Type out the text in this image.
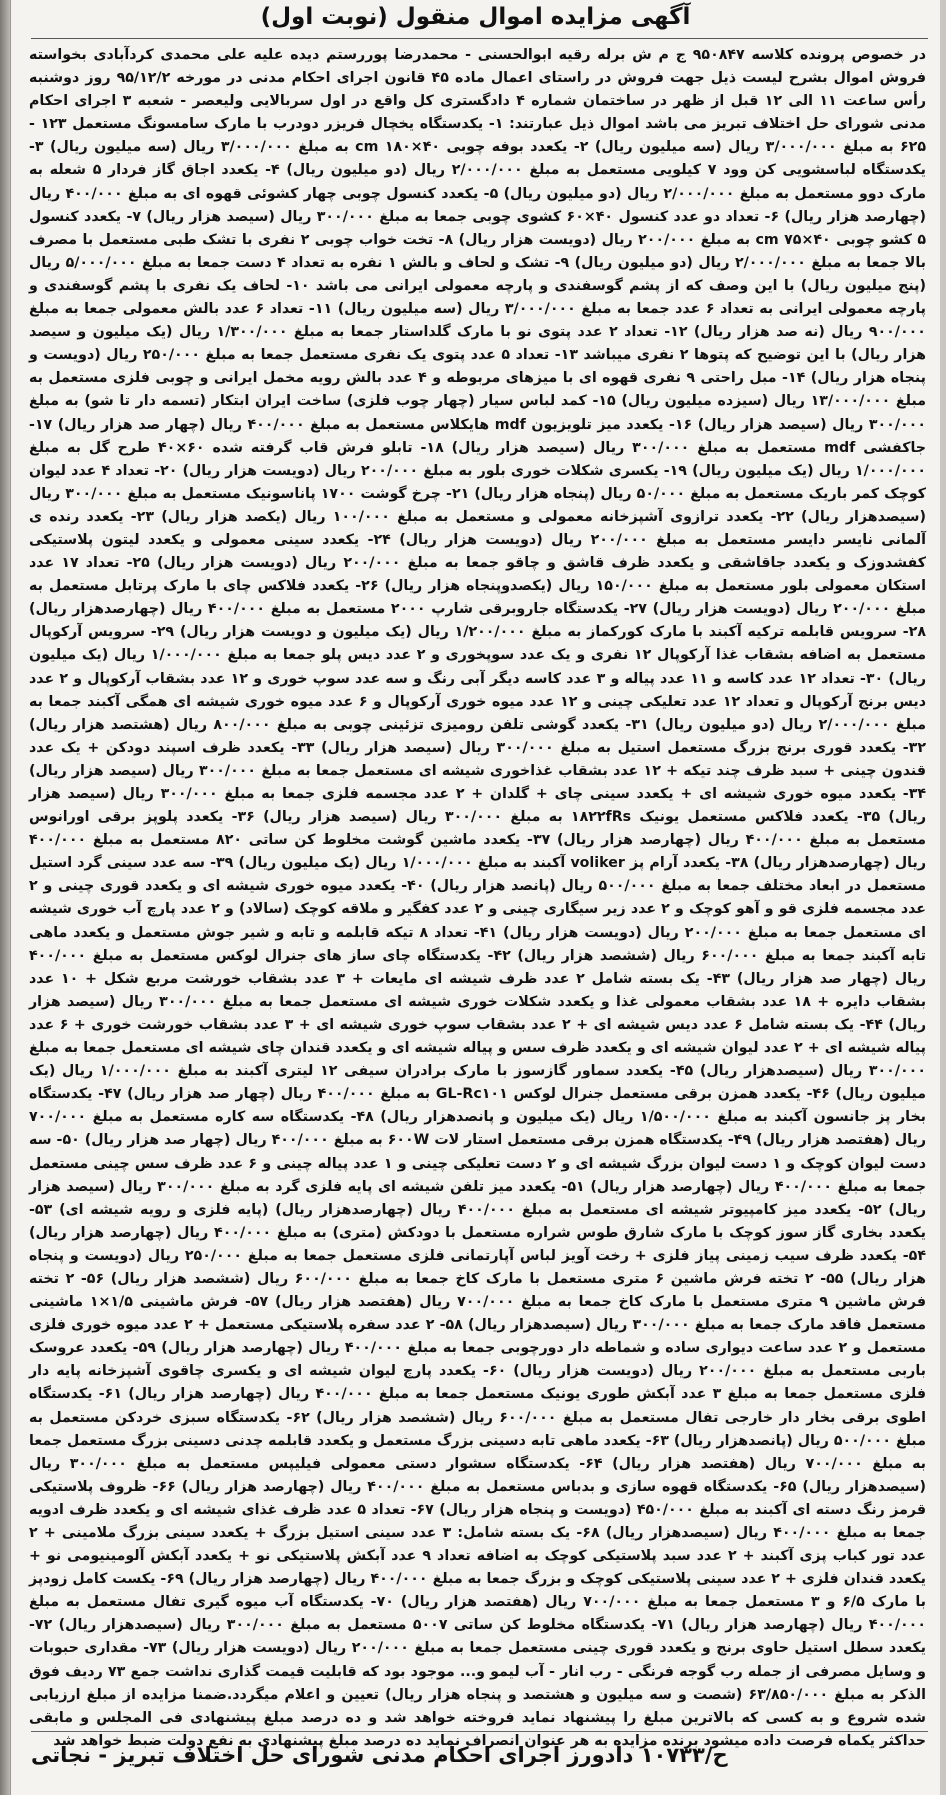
آگهی مزایده اموال منقول (نوبت اول)
در خصوص پرونده کلاسه ۹۵۰۸۴۷ ج م ش برله رقیه ابوالحسنی - محمدرضا پوررستم دیده علیه علی محمدی کردآبادی بخواسته فروش اموال بشرح لیست ذیل جهت فروش در راستای اعمال ماده ۴۵ قانون اجرای احکام مدنی در مورخه ۹۵/۱۲/۲ روز دوشنبه رأس ساعت ۱۱ الی ۱۲ قبل از ظهر در ساختمان شماره ۴ دادگستری کل واقع در اول سربالایی ولیعصر - شعبه ۳ اجرای احکام مدنی شورای حل اختلاف تبریز می باشد اموال ذیل عبارتند: ۱- یکدستگاه یخچال فریزر دودرب با مارک سامسونگ مستعمل ۱۲۳ - ۶۲۵ به مبلغ ۳/۰۰۰/۰۰۰ ریال (سه میلیون ریال) ۲- یکعدد بوفه چوبی cm ۱۸۰×۴۰ به مبلغ ۳/۰۰۰/۰۰۰ ریال (سه میلیون ریال) ۳- یکدستگاه لباسشویی کن وود ۷ کیلویی مستعمل به مبلغ ۲/۰۰۰/۰۰۰ ریال (دو میلیون ریال) ۴- یکعدد اجاق گاز فردار ۵ شعله به مارک دوو مستعمل به مبلغ ۲/۰۰۰/۰۰۰ ریال (دو میلیون ریال) ۵- یکعدد کنسول چوبی چهار کشوئی قهوه ای به مبلغ ۴۰۰/۰۰۰ ریال (چهارصد هزار ریال) ۶- تعداد دو عدد کنسول ۴۰×۶۰ کشوی چوبی جمعا به مبلغ ۳۰۰/۰۰۰ ریال (سیصد هزار ریال) ۷- یکعدد کنسول ۵ کشو چوبی cm ۷۵×۴۰ به مبلغ ۲۰۰/۰۰۰ ریال (دویست هزار ریال) ۸- تخت خواب چوبی ۲ نفری با تشک طبی مستعمل با مصرف بالا جمعا به مبلغ ۲/۰۰۰/۰۰۰ ریال (دو میلیون ریال) ۹- تشک و لحاف و بالش ۱ نفره به تعداد ۴ دست جمعا به مبلغ ۵/۰۰۰/۰۰۰ ریال (پنج میلیون ریال) با این وصف که از پشم گوسفندی و پارچه معمولی ایرانی می باشد ۱۰- لحاف یک نفری با پشم گوسفندی و پارچه معمولی ایرانی به تعداد ۶ عدد جمعا به مبلغ ۳/۰۰۰/۰۰۰ ریال (سه میلیون ریال) ۱۱- تعداد ۶ عدد بالش معمولی جمعا به مبلغ ۹۰۰/۰۰۰ ریال (نه صد هزار ریال) ۱۲- تعداد ۲ عدد پتوی نو با مارک گلداستار جمعا به مبلغ ۱/۳۰۰/۰۰۰ ریال (یک میلیون و سیصد هزار ریال) با این توضیح که پتوها ۲ نفری میباشد ۱۳- تعداد ۵ عدد پتوی یک نفری مستعمل جمعا به مبلغ ۲۵۰/۰۰۰ ریال (دویست و پنجاه هزار ریال) ۱۴- مبل راحتی ۹ نفری قهوه ای با میزهای مربوطه و ۴ عدد بالش رویه مخمل ایرانی و چوبی فلزی مستعمل به مبلغ ۱۳/۰۰۰/۰۰۰ ریال (سیزده میلیون ریال) ۱۵- کمد لباس سیار (چهار چوب فلزی) ساخت ایران ابتکار (تسمه دار تا شو) به مبلغ ۳۰۰/۰۰۰ ریال (سیصد هزار ریال) ۱۶- یکعدد میز تلویزیون mdf هایکلاس مستعمل به مبلغ ۴۰۰/۰۰۰ ریال (چهار صد هزار ریال) ۱۷- جاکفشی mdf مستعمل به مبلغ ۳۰۰/۰۰۰ ریال (سیصد هزار ریال) ۱۸- تابلو فرش قاب گرفته شده ۶۰×۴۰ طرح گل به مبلغ ۱/۰۰۰/۰۰۰ ریال (یک میلیون ریال) ۱۹- یکسری شکلات خوری بلور به مبلغ ۲۰۰/۰۰۰ ریال (دویست هزار ریال) ۲۰- تعداد ۴ عدد لیوان کوچک کمر باریک مستعمل به مبلغ ۵۰/۰۰۰ ریال (پنجاه هزار ریال) ۲۱- چرخ گوشت ۱۷۰۰ پاناسونیک مستعمل به مبلغ ۳۰۰/۰۰۰ ریال (سیصدهزار ریال) ۲۲- یکعدد ترازوی آشپزخانه معمولی و مستعمل به مبلغ ۱۰۰/۰۰۰ ریال (یکصد هزار ریال) ۲۳- یکعدد رنده ی آلمانی نایسر دایسر مستعمل به مبلغ ۲۰۰/۰۰۰ ریال (دویست هزار ریال) ۲۴- یکعدد سینی معمولی و یکعدد لیتون پلاستیکی کفشدوزک و یکعدد جاقاشقی و یکعدد ظرف قاشق و چاقو جمعا به مبلغ ۲۰۰/۰۰۰ ریال (دویست هزار ریال) ۲۵- تعداد ۱۷ عدد استکان معمولی بلور مستعمل به مبلغ ۱۵۰/۰۰۰ ریال (یکصدوپنجاه هزار ریال) ۲۶- یکعدد فلاکس چای با مارک پرتابل مستعمل به مبلغ ۲۰۰/۰۰۰ ریال (دویست هزار ریال) ۲۷- یکدستگاه جاروبرقی شارپ ۲۰۰۰ مستعمل به مبلغ ۴۰۰/۰۰۰ ریال (چهارصدهزار ریال) ۲۸- سرویس قابلمه ترکیه آکبند با مارک کورکماز به مبلغ ۱/۲۰۰/۰۰۰ ریال (یک میلیون و دویست هزار ریال) ۲۹- سرویس آرکوپال مستعمل به اضافه بشقاب غذا آرکوپال ۱۲ نفری و یک عدد سوپخوری و ۲ عدد دیس پلو جمعا به مبلغ ۱/۰۰۰/۰۰۰ ریال (یک میلیون ریال) ۳۰- تعداد ۱۲ عدد کاسه و ۱۱ عدد پیاله و ۳ عدد کاسه دیگر آبی رنگ و سه عدد سوپ خوری و ۱۲ عدد بشقاب آرکوپال و ۲ عدد دیس برنج آرکوپال و تعداد ۱۲ عدد تعلیکی چینی و ۱۲ عدد میوه خوری آرکوپال و ۶ عدد میوه خوری شیشه ای همگی آکبند جمعا به مبلغ ۲/۰۰۰/۰۰۰ ریال (دو میلیون ریال) ۳۱- یکعدد گوشی تلفن رومیزی تزئینی چوبی به مبلغ ۸۰۰/۰۰۰ ریال (هشتصد هزار ریال) ۳۲- یکعدد قوری برنج بزرگ مستعمل استیل به مبلغ ۳۰۰/۰۰۰ ریال (سیصد هزار ریال) ۳۳- یکعدد ظرف اسپند دودکن + یک عدد قندون چینی + سبد ظرف چند تیکه + ۱۲ عدد بشقاب غذاخوری شیشه ای مستعمل جمعا به مبلغ ۳۰۰/۰۰۰ ریال (سیصد هزار ریال) ۳۴- یکعدد میوه خوری شیشه ای + یکعدد سینی چای + گلدان + ۲ عدد مجسمه فلزی جمعا به مبلغ ۳۰۰/۰۰۰ ریال (سیصد هزار ریال) ۳۵- یکعدد فلاکس مستعمل یونیک ۱۸۲۲fRs به مبلغ ۳۰۰/۰۰۰ ریال (سیصد هزار ریال) ۳۶- یکعدد پلوپز برقی اورانوس مستعمل به مبلغ ۴۰۰/۰۰۰ ریال (چهارصد هزار ریال) ۳۷- یکعدد ماشین گوشت مخلوط کن ساتی ۸۲۰ مستعمل به مبلغ ۴۰۰/۰۰۰ ریال (چهارصدهزار ریال) ۳۸- یکعدد آرام پز voliker آکبند به مبلغ ۱/۰۰۰/۰۰۰ ریال (یک میلیون ریال) ۳۹- سه عدد سینی گرد استیل مستعمل در ابعاد مختلف جمعا به مبلغ ۵۰۰/۰۰۰ ریال (پانصد هزار ریال) ۴۰- یکعدد میوه خوری شیشه ای و یکعدد قوری چینی و ۲ عدد مجسمه فلزی قو و آهو کوچک و ۲ عدد زیر سیگاری چینی و ۲ عدد کفگیر و ملاقه کوچک (سالاد) و ۲ عدد پارچ آب خوری شیشه ای مستعمل جمعا به مبلغ ۲۰۰/۰۰۰ ریال (دویست هزار ریال) ۴۱- تعداد ۸ تیکه قابلمه و تابه و شیر جوش مستعمل و یکعدد ماهی تابه آکبند جمعا به مبلغ ۶۰۰/۰۰۰ ریال (ششصد هزار ریال) ۴۲- یکدستگاه چای ساز های جنرال لوکس مستعمل به مبلغ ۴۰۰/۰۰۰ ریال (چهار صد هزار ریال) ۴۳- یک بسته شامل ۲ عدد ظرف شیشه ای مایعات + ۳ عدد بشقاب خورشت مربع شکل + ۱۰ عدد بشقاب دایره + ۱۸ عدد بشقاب معمولی غذا و یکعدد شکلات خوری شیشه ای مستعمل جمعا به مبلغ ۳۰۰/۰۰۰ ریال (سیصد هزار ریال) ۴۴- یک بسته شامل ۶ عدد دیس شیشه ای + ۲ عدد بشقاب سوپ خوری شیشه ای + ۳ عدد بشقاب خورشت خوری + ۶ عدد پیاله شیشه ای + ۲ عدد لیوان شیشه ای و یکعدد ظرف سس و پیاله شیشه ای و یکعدد قندان چای شیشه ای مستعمل جمعا به مبلغ ۳۰۰/۰۰۰ ریال (سیصدهزار ریال) ۴۵- یکعدد سماور گازسوز با مارک برادران سیفی ۱۲ لیتری آکبند به مبلغ ۱/۰۰۰/۰۰۰ ریال (یک میلیون ریال) ۴۶- یکعدد همزن برقی مستعمل جنرال لوکس GL-Rc۱۰۱ به مبلغ ۴۰۰/۰۰۰ ریال (چهار صد هزار ریال) ۴۷- یکدستگاه بخار پز جانسون آکبند به مبلغ ۱/۵۰۰/۰۰۰ ریال (یک میلیون و پانصدهزار ریال) ۴۸- یکدستگاه سه کاره مستعمل به مبلغ ۷۰۰/۰۰۰ ریال (هفتصد هزار ریال) ۴۹- یکدستگاه همزن برقی مستعمل استار لات ۶۰۰W به مبلغ ۴۰۰/۰۰۰ ریال (چهار صد هزار ریال) ۵۰- سه دست لیوان کوچک و ۱ دست لیوان بزرگ شیشه ای و ۲ دست تعلیکی چینی و ۱ عدد پیاله چینی و ۶ عدد ظرف سس چینی مستعمل جمعا به مبلغ ۴۰۰/۰۰۰ ریال (چهارصد هزار ریال) ۵۱- یکعدد میز تلفن شیشه ای پایه فلزی گرد به مبلغ ۳۰۰/۰۰۰ ریال (سیصد هزار ریال) ۵۲- یکعدد میز کامپیوتر شیشه ای مستعمل به مبلغ ۴۰۰/۰۰۰ ریال (چهارصدهزار ریال) (پایه فلزی و رویه شیشه ای) ۵۳- یکعدد بخاری گاز سوز کوچک با مارک شارق طوس شراره مستعمل با دودکش (متری) به مبلغ ۴۰۰/۰۰۰ ریال (چهارصد هزار ریال) ۵۴- یکعدد ظرف سیب زمینی پیاز فلزی + رخت آویز لباس آپارتمانی فلزی مستعمل جمعا به مبلغ ۲۵۰/۰۰۰ ریال (دویست و پنجاه هزار ریال) ۵۵- ۲ تخته فرش ماشین ۶ متری مستعمل با مارک کاخ جمعا به مبلغ ۶۰۰/۰۰۰ ریال (ششصد هزار ریال) ۵۶- ۲ تخته فرش ماشین ۹ متری مستعمل با مارک کاخ جمعا به مبلغ ۷۰۰/۰۰۰ ریال (هفتصد هزار ریال) ۵۷- فرش ماشینی ۱/۵×۱ ماشینی مستعمل فاقد مارک جمعا به مبلغ ۳۰۰/۰۰۰ ریال (سیصدهزار ریال) ۵۸- ۲ عدد سفره پلاستیکی مستعمل + ۲ عدد میوه خوری فلزی مستعمل و ۲ عدد ساعت دیواری ساده و شماطه دار دورچوبی جمعا به مبلغ ۴۰۰/۰۰۰ ریال (چهارصد هزار ریال) ۵۹- یکعدد عروسک باربی مستعمل به مبلغ ۲۰۰/۰۰۰ ریال (دویست هزار ریال) ۶۰- یکعدد پارچ لیوان شیشه ای و یکسری چاقوی آشپزخانه پایه دار فلزی مستعمل جمعا به مبلغ ۳ عدد آبکش طوری یونیک مستعمل جمعا به مبلغ ۴۰۰/۰۰۰ ریال (چهارصد هزار ریال) ۶۱- یکدستگاه اطوی برقی بخار دار خارجی تفال مستعمل به مبلغ ۶۰۰/۰۰۰ ریال (ششصد هزار ریال) ۶۲- یکدستگاه سبزی خردکن مستعمل به مبلغ ۵۰۰/۰۰۰ ریال (پانصدهزار ریال) ۶۳- یکعدد ماهی تابه دسینی بزرگ مستعمل و یکعدد قابلمه چدنی دسینی بزرگ مستعمل جمعا به مبلغ ۷۰۰/۰۰۰ ریال (هفتصد هزار ریال) ۶۴- یکدستگاه سشوار دستی معمولی فیلیپس مستعمل به مبلغ ۳۰۰/۰۰۰ ریال (سیصدهزار ریال) ۶۵- یکدستگاه قهوه سازی و بدباس مستعمل به مبلغ ۴۰۰/۰۰۰ ریال (چهارصد هزار ریال) ۶۶- ظروف پلاستیکی قرمز رنگ دسته ای آکبند به مبلغ ۴۵۰/۰۰۰ (دویست و پنجاه هزار ریال) ۶۷- تعداد ۵ عدد ظرف غذای شیشه ای و یکعدد ظرف ادویه جمعا به مبلغ ۴۰۰/۰۰۰ ریال (سیصدهزار ریال) ۶۸- یک بسته شامل: ۳ عدد سینی استیل بزرگ + یکعدد سینی بزرگ ملامینی + ۲ عدد تور کباب پزی آکبند + ۲ عدد سبد پلاستیکی کوچک به اضافه تعداد ۹ عدد آبکش پلاستیکی نو + یکعدد آبکش آلومینیومی نو + یکعدد قندان فلزی + ۲ عدد سینی پلاستیکی کوچک و بزرگ جمعا به مبلغ ۴۰۰/۰۰۰ ریال (چهارصد هزار ریال) ۶۹- یکست کامل زودپز با مارک ۶/۵ و ۳ مستعمل جمعا به مبلغ ۷۰۰/۰۰۰ ریال (هفتصد هزار ریال) ۷۰- یکدستگاه آب میوه گیری تفال مستعمل به مبلغ ۴۰۰/۰۰۰ ریال (چهارصد هزار ریال) ۷۱- یکدستگاه مخلوط کن ساتی ۵۰۰۷ مستعمل به مبلغ ۳۰۰/۰۰۰ ریال (سیصدهزار ریال) ۷۲- یکعدد سطل استیل حاوی برنج و یکعدد قوری چینی مستعمل جمعا به مبلغ ۲۰۰/۰۰۰ ریال (دویست هزار ریال) ۷۳- مقداری حبوبات و وسایل مصرفی از جمله رب گوجه فرنگی - رب انار - آب لیمو و... موجود بود که قابلیت قیمت گذاری نداشت جمع ۷۳ ردیف فوق الذکر به مبلغ ۶۳/۸۵۰/۰۰۰ (شصت و سه میلیون و هشتصد و پنجاه هزار ریال) تعیین و اعلام میگردد.ضمنا مزایده از مبلغ ارزیابی شده شروع و به کسی که بالاترین مبلغ را پیشنهاد نماید فروخته خواهد شد و ده درصد مبلغ پیشنهادی فی المجلس و مابقی حداکثر یکماه فرصت داده میشود برنده مزایده به هر عنوان انصراف نماید ده درصد مبلغ پیشنهادی به نفع دولت ضبط خواهد شد
ح/۱۰۷۳۳ دادورز اجرای احکام مدنی شورای حل اختلاف تبریز - نجاتی
